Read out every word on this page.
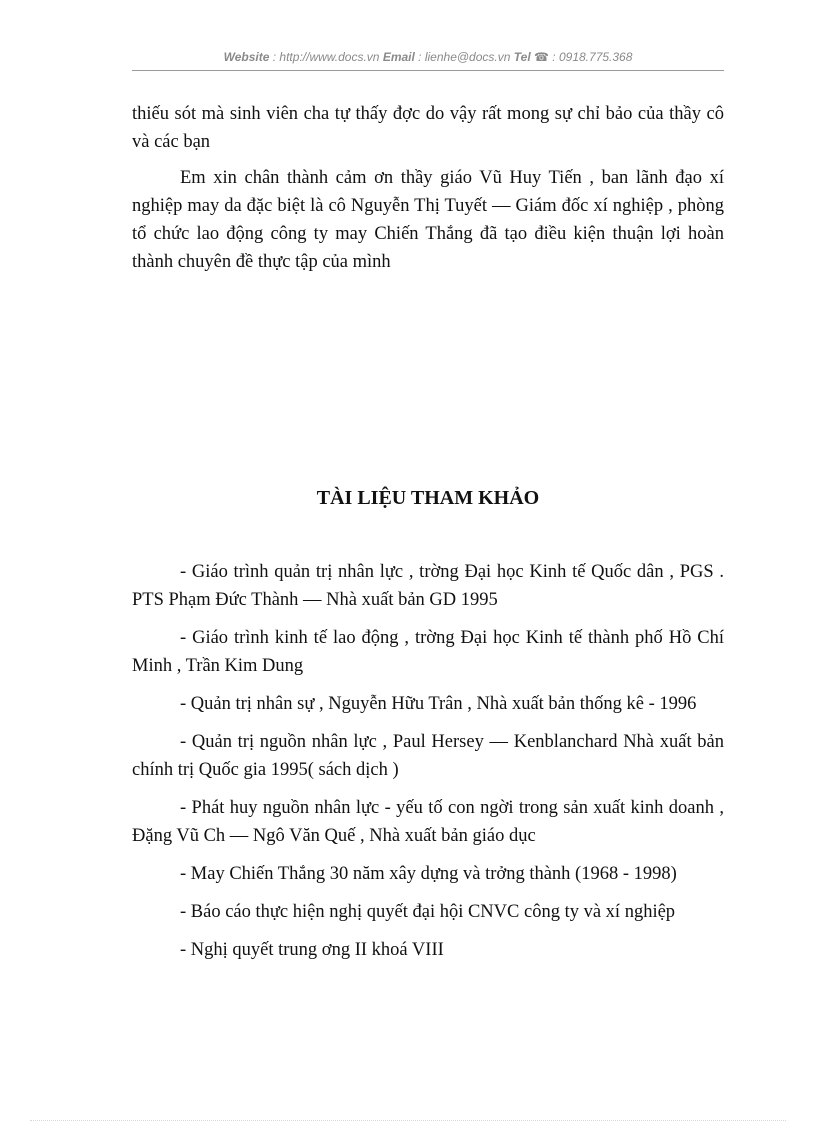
Website : http://www.docs.vn Email : lienhe@docs.vn Tel ☎ : 0918.775.368

thiếu sót mà sinh viên cha tự thấy đợc do vậy rất mong sự chỉ bảo của thầy cô và các bạn

Em xin chân thành cảm ơn thầy giáo Vũ Huy Tiến , ban lãnh đạo xí nghiệp may da đặc biệt là cô Nguyễn Thị Tuyết — Giám đốc xí nghiệp , phòng tổ chức lao động công ty may Chiến Thắng đã tạo điều kiện thuận lợi hoàn thành chuyên đề thực tập của mình

TÀI LIỆU THAM KHẢO

- Giáo trình quản trị nhân lực , trờng Đại học Kinh tế Quốc dân , PGS . PTS Phạm Đức Thành — Nhà xuất bản GD 1995

- Giáo trình kinh tế lao động , trờng Đại học Kinh tế thành phố Hồ Chí Minh , Trần Kim Dung

- Quản trị nhân sự , Nguyễn Hữu Trân , Nhà xuất bản thống kê - 1996

- Quản trị nguồn nhân lực , Paul Hersey — Kenblanchard Nhà xuất bản chính trị Quốc gia 1995( sách dịch )

- Phát huy nguồn nhân lực - yếu tố con ngời trong sản xuất kinh doanh , Đặng Vũ Ch — Ngô Văn Quế , Nhà xuất bản giáo dục

- May Chiến Thắng 30 năm xây dựng và trởng thành (1968 - 1998)

- Báo cáo thực hiện nghị quyết đại hội CNVC công ty và xí nghiệp

- Nghị quyết trung ơng II khoá VIII
